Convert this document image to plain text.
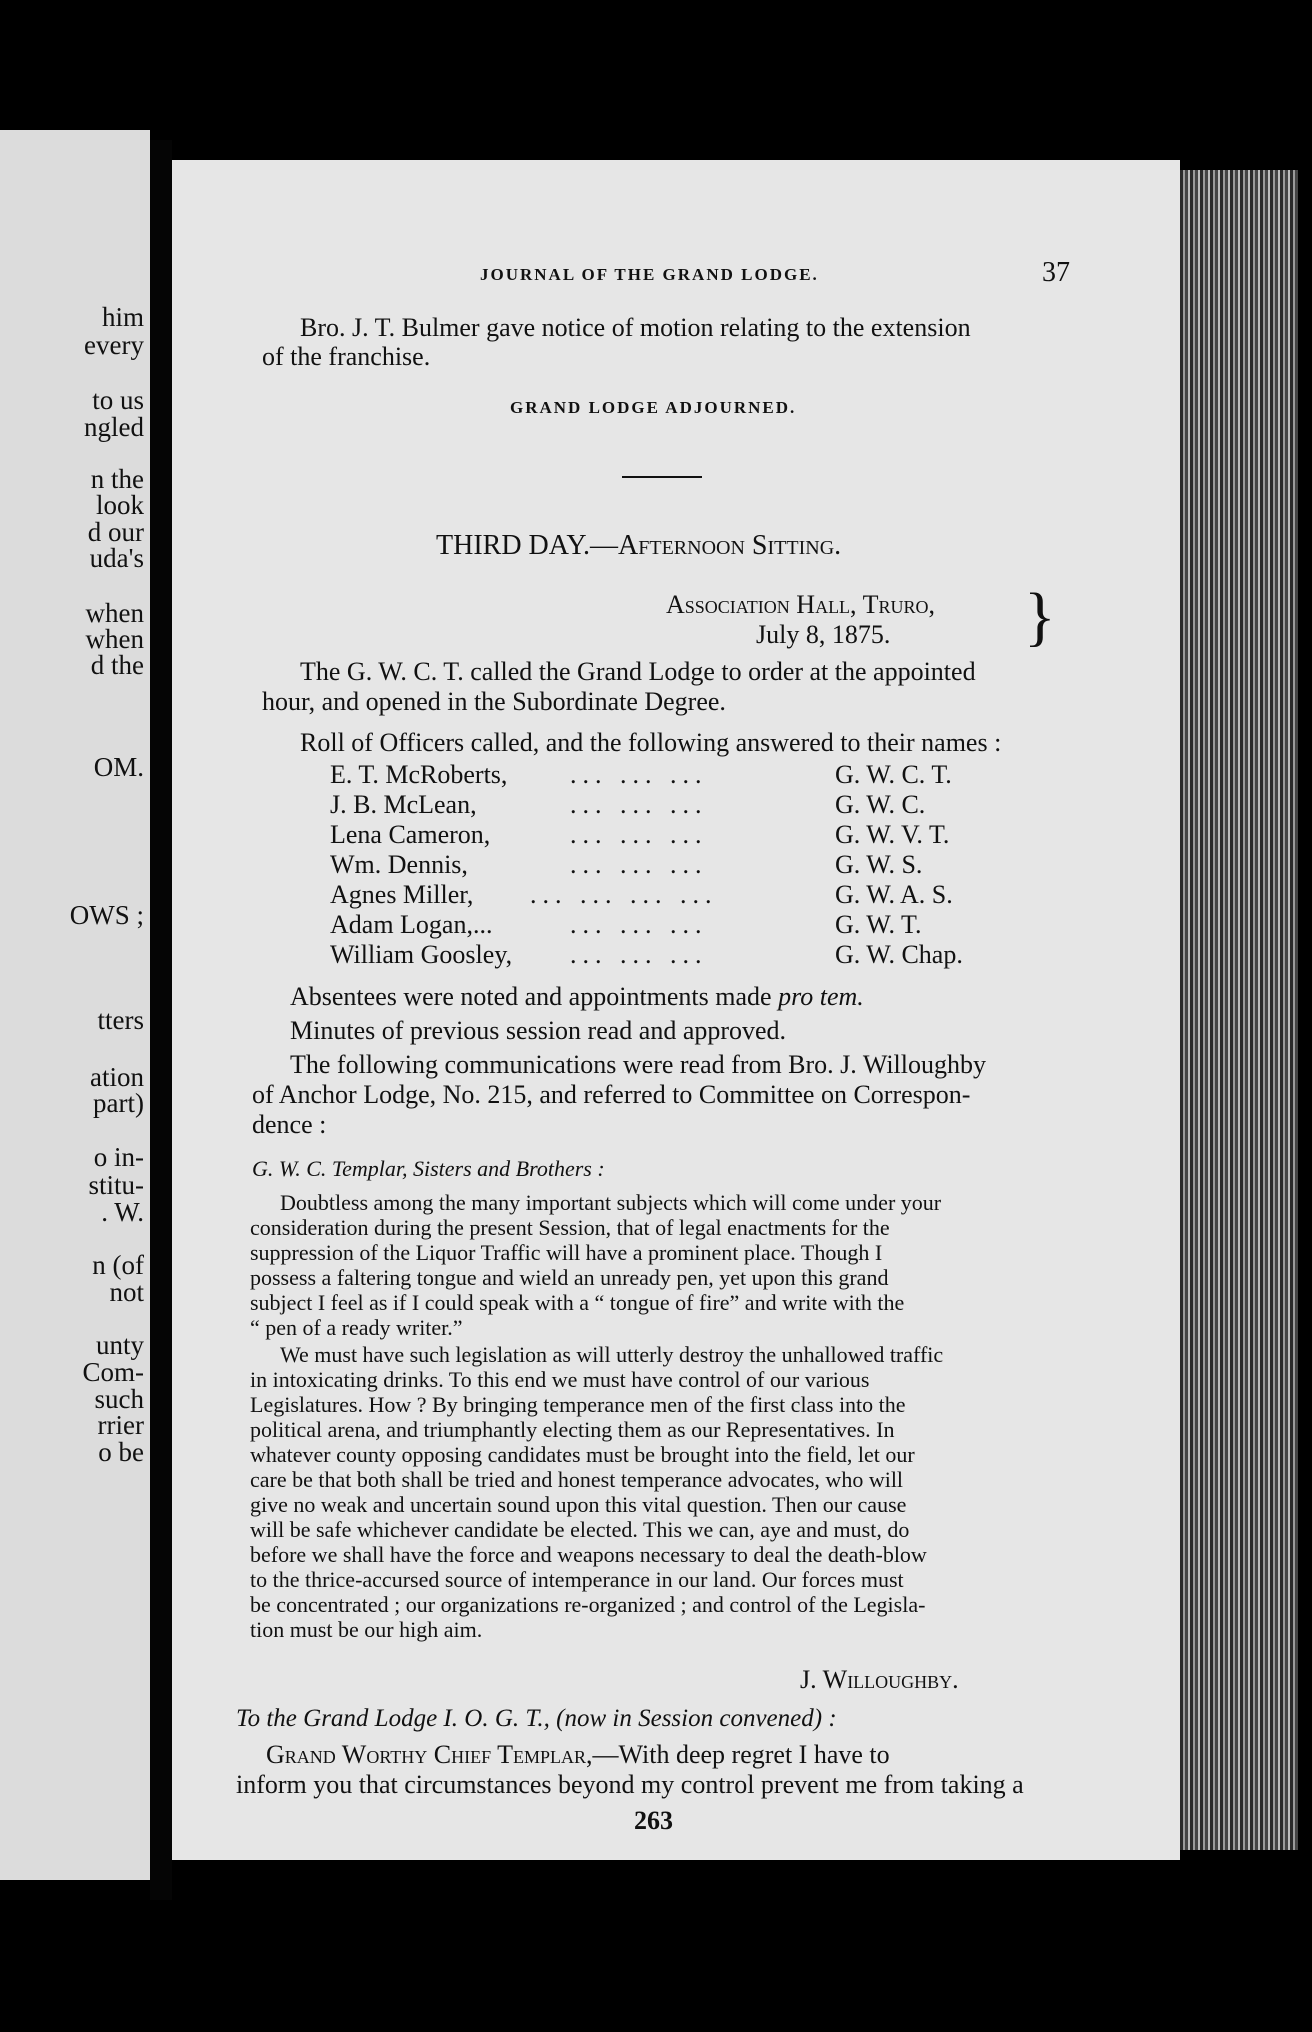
him
every
to us
ngled
n the
look
d our
uda's
when
when
d the
OM.
OWS ;
tters
ation
part)
o in-
stitu-
. W.
n (of
not
unty
Com-
such
rrier
o be
JOURNAL OF THE GRAND LODGE.	37
Bro. J. T. Bulmer gave notice of motion relating to the extension
of the franchise.
GRAND LODGE ADJOURNED.
THIRD DAY.—Afternoon Sitting.
Association Hall, Truro,
July 8, 1875. }
The G. W. C. T. called the Grand Lodge to order at the appointed
hour, and opened in the Subordinate Degree.
Roll of Officers called, and the following answered to their names :
E. T. McRoberts, ... ... ...	G. W. C. T.
J. B. McLean,	... ... ...	G. W. C.
Lena Cameron,	... ... ...	G. W. V. T.
Wm. Dennis,	... ... ...	G. W. S.
Agnes Miller, ... ... ... ...	G. W. A. S.
Adam Logan,...	... ... ...	G. W. T.
William Goosley, ... ... ...	G. W. Chap.
Absentees were noted and appointments made pro tem.
Minutes of previous session read and approved.
The following communications were read from Bro. J. Willoughby
of Anchor Lodge, No. 215, and referred to Committee on Correspon-
dence :
G. W. C. Templar, Sisters and Brothers :
Doubtless among the many important subjects which will come under your
consideration during the present Session, that of legal enactments for the
suppression of the Liquor Traffic will have a prominent place. Though I
possess a faltering tongue and wield an unready pen, yet upon this grand
subject I feel as if I could speak with a “ tongue of fire” and write with the
“ pen of a ready writer.”
We must have such legislation as will utterly destroy the unhallowed traffic
in intoxicating drinks. To this end we must have control of our various
Legislatures. How ? By bringing temperance men of the first class into the
political arena, and triumphantly electing them as our Representatives. In
whatever county opposing candidates must be brought into the field, let our
care be that both shall be tried and honest temperance advocates, who will
give no weak and uncertain sound upon this vital question. Then our cause
will be safe whichever candidate be elected. This we can, aye and must, do
before we shall have the force and weapons necessary to deal the death-blow
to the thrice-accursed source of intemperance in our land. Our forces must
be concentrated ; our organizations re-organized ; and control of the Legisla-
tion must be our high aim.
J. Willoughby.
To the Grand Lodge I. O. G. T., (now in Session convened) :
Grand Worthy Chief Templar,—With deep regret I have to
inform you that circumstances beyond my control prevent me from taking a
263
